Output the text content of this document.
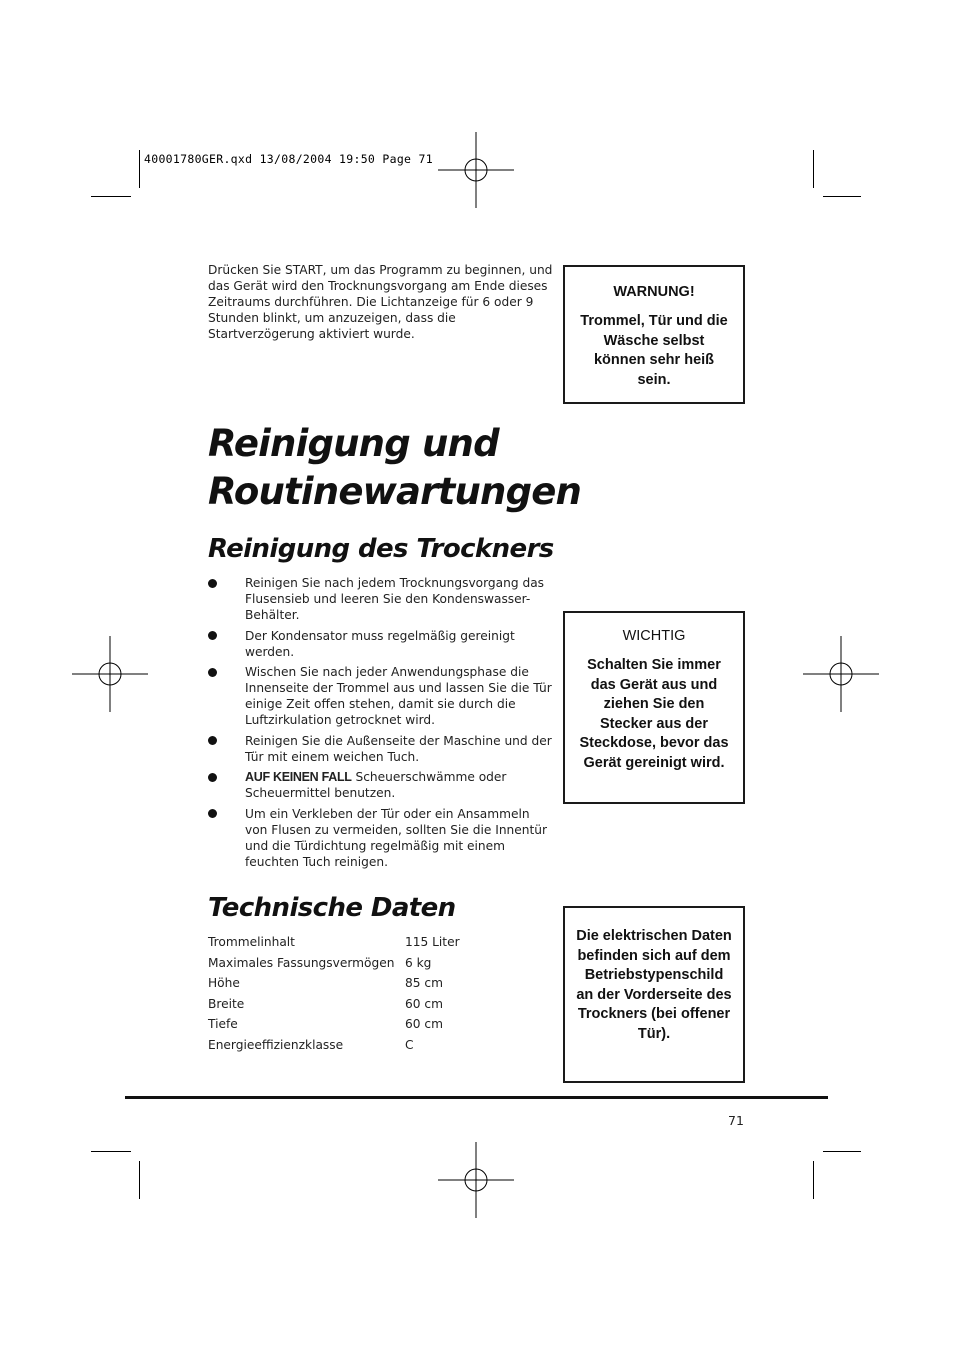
40001780GER.qxd 13/08/2004 19:50 Page 71
Drücken Sie START, um das Programm zu beginnen, und das Gerät wird den Trocknungsvorgang am Ende dieses Zeitraums durchführen. Die Lichtanzeige für 6 oder 9 Stunden blinkt, um anzuzeigen, dass die Startverzögerung aktiviert wurde.
WARNUNG!
Trommel, Tür und die Wäsche selbst können sehr heiß sein.
Reinigung und
Routinewartungen
Reinigung des Trockners
Reinigen Sie nach jedem Trocknungsvorgang das Flusensieb und leeren Sie den Kondenswasser-Behälter.
Der Kondensator muss regelmäßig gereinigt werden.
Wischen Sie nach jeder Anwendungsphase die Innenseite der Trommel aus und lassen Sie die Tür einige Zeit offen stehen, damit sie durch die Luftzirkulation getrocknet wird.
Reinigen Sie die Außenseite der Maschine und der Tür mit einem weichen Tuch.
AUF KEINEN FALL Scheuerschwämme oder Scheuermittel benutzen.
Um ein Verkleben der Tür oder ein Ansammeln von Flusen zu vermeiden, sollten Sie die Innentür und die Türdichtung regelmäßig mit einem feuchten Tuch reinigen.
WICHTIG
Schalten Sie immer das Gerät aus und ziehen Sie den Stecker aus der Steckdose, bevor das Gerät gereinigt wird.
Technische Daten
Trommelinhalt	115 Liter
Maximales Fassungsvermögen 6 kg
Höhe	85 cm
Breite	60 cm
Tiefe	60 cm
Energieeffizienzklasse	C
Die elektrischen Daten befinden sich auf dem Betriebstypenschild an der Vorderseite des Trockners (bei offener Tür).
71
